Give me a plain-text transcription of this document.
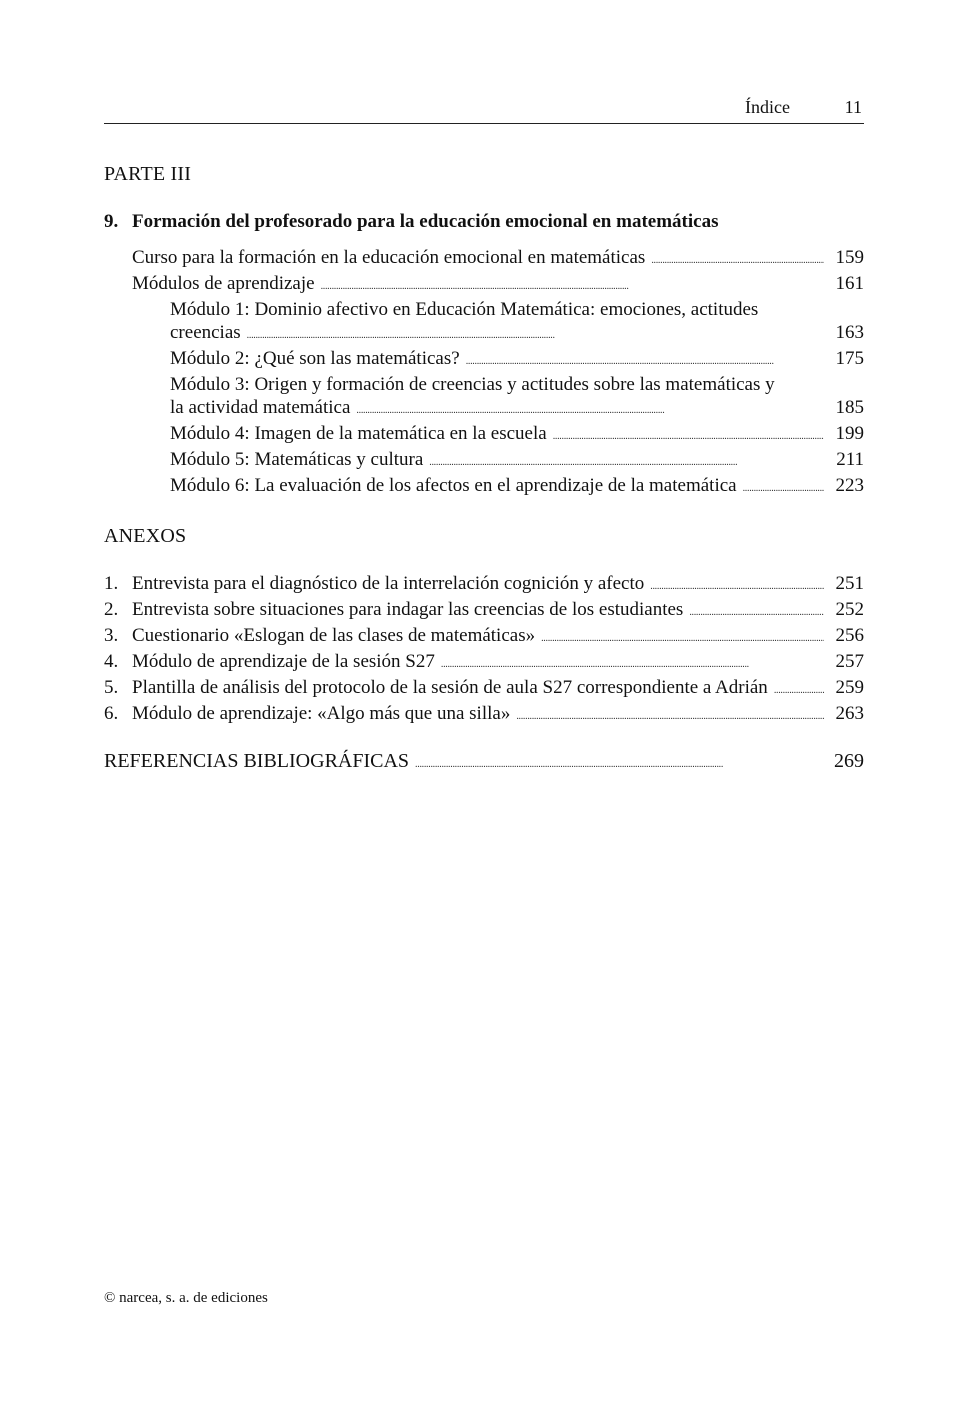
Índice	11
PARTE III
9. Formación del profesorado para la educación emocional en matemáticas
Curso para la formación en la educación emocional en matemáticas . . .	159
Módulos de aprendizaje . . .	161
Módulo 1: Dominio afectivo en Educación Matemática: emociones, actitudes
creencias . . .	163
Módulo 2: ¿Qué son las matemáticas? . . .	175
Módulo 3: Origen y formación de creencias y actitudes sobre las matemáticas y
la actividad matemática . . .	185
Módulo 4: Imagen de la matemática en la escuela . . .	199
Módulo 5: Matemáticas y cultura . . .	211
Módulo 6: La evaluación de los afectos en el aprendizaje de la matemática . . .	223
ANEXOS
1. Entrevista para el diagnóstico de la interrelación cognición y afecto . . .	251
2. Entrevista sobre situaciones para indagar las creencias de los estudiantes . . .	252
3. Cuestionario «Eslogan de las clases de matemáticas» . . .	256
4. Módulo de aprendizaje de la sesión S27 . . .	257
5. Plantilla de análisis del protocolo de la sesión de aula S27 correspondiente a Adrián . . .	259
6. Módulo de aprendizaje: «Algo más que una silla» . . .	263
REFERENCIAS BIBLIOGRÁFICAS . . .	269
© narcea, s. a. de ediciones
